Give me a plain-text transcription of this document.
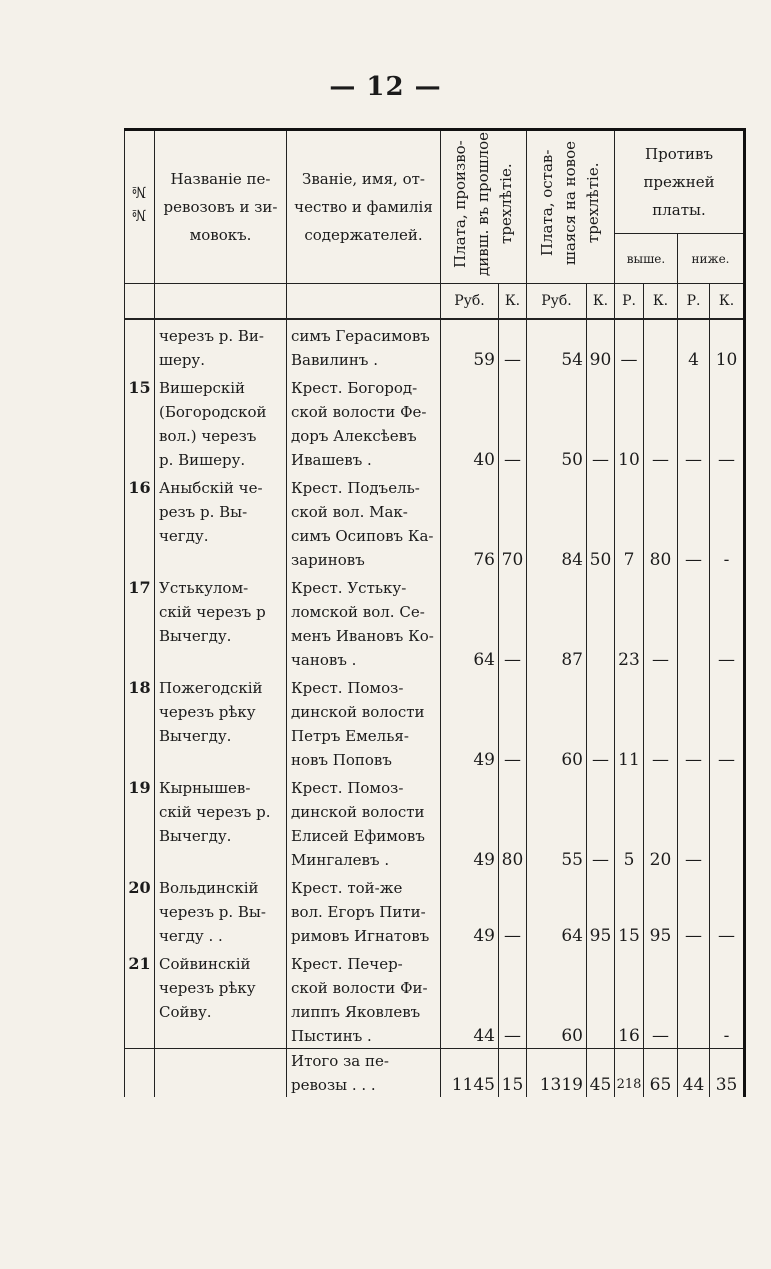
— 12 —
№ №	Названіе пе-
ревозовъ и зи-
мовокъ.	Званіе, имя, от-
чество и фамилія
содержателей.	Плата, произво-
дивш. въ прошлое
трехлѣтіе.		Плата, остав-
шаяся на новое
трехлѣтіе.		Противъ
прежней
платы.			

							выше.		ниже.	
			Руб.	К.	Руб.	К.	Р.	К.	Р.	К.
	черезъ р. Ви-
шеру.	симъ Герасимовъ
Вавилинъ .	59	—	54	90	—		4	10
15	Вишерскій
(Богородской
вол.) черезъ
р. Вишеру.	Крест. Богород-
ской волости Фе-
доръ Алексѣевъ
Ивашевъ .	40	—	50	—	10	—	—	—
16	Аныбскій че-
резъ р. Вы-
чегду.	Крест. Подъель-
ской вол. Мак-
симъ Осиповъ Ка-
зариновъ	76	70	84	50	7	80	—	-
17	Устькулом-
скій черезъ р
Вычегду.	Крест. Устьку-
ломской вол. Се-
менъ Ивановъ Ко-
чановъ .	64	—	87		23	—		—
18	Пожегодскій
черезъ рѣку
Вычегду.	Крест. Помоз-
динской волости
Петръ Емелья-
новъ Поповъ	49	—	60	—	11	—	—	—
19	Кырнышев-
скій черезъ р.
Вычегду.	Крест. Помоз-
динской волости
Елисей Ефимовъ
Мингалевъ .	49	80	55	—	5	20	—	
20	Вольдинскій
черезъ р. Вы-
чегду . .	Крест. той-же
вол. Егоръ Пити-
римовъ Игнатовъ	49	—	64	95	15	95	—	—
21	Сойвинскій
черезъ рѣку
Сойву.	Крест. Печер-
ской волости Фи-
липпъ Яковлевъ
Пыстинъ .	44	—	60		16	—		-
		Итого за пе-
ревозы . . .	1145	15	1319	45	218	65	44	35
